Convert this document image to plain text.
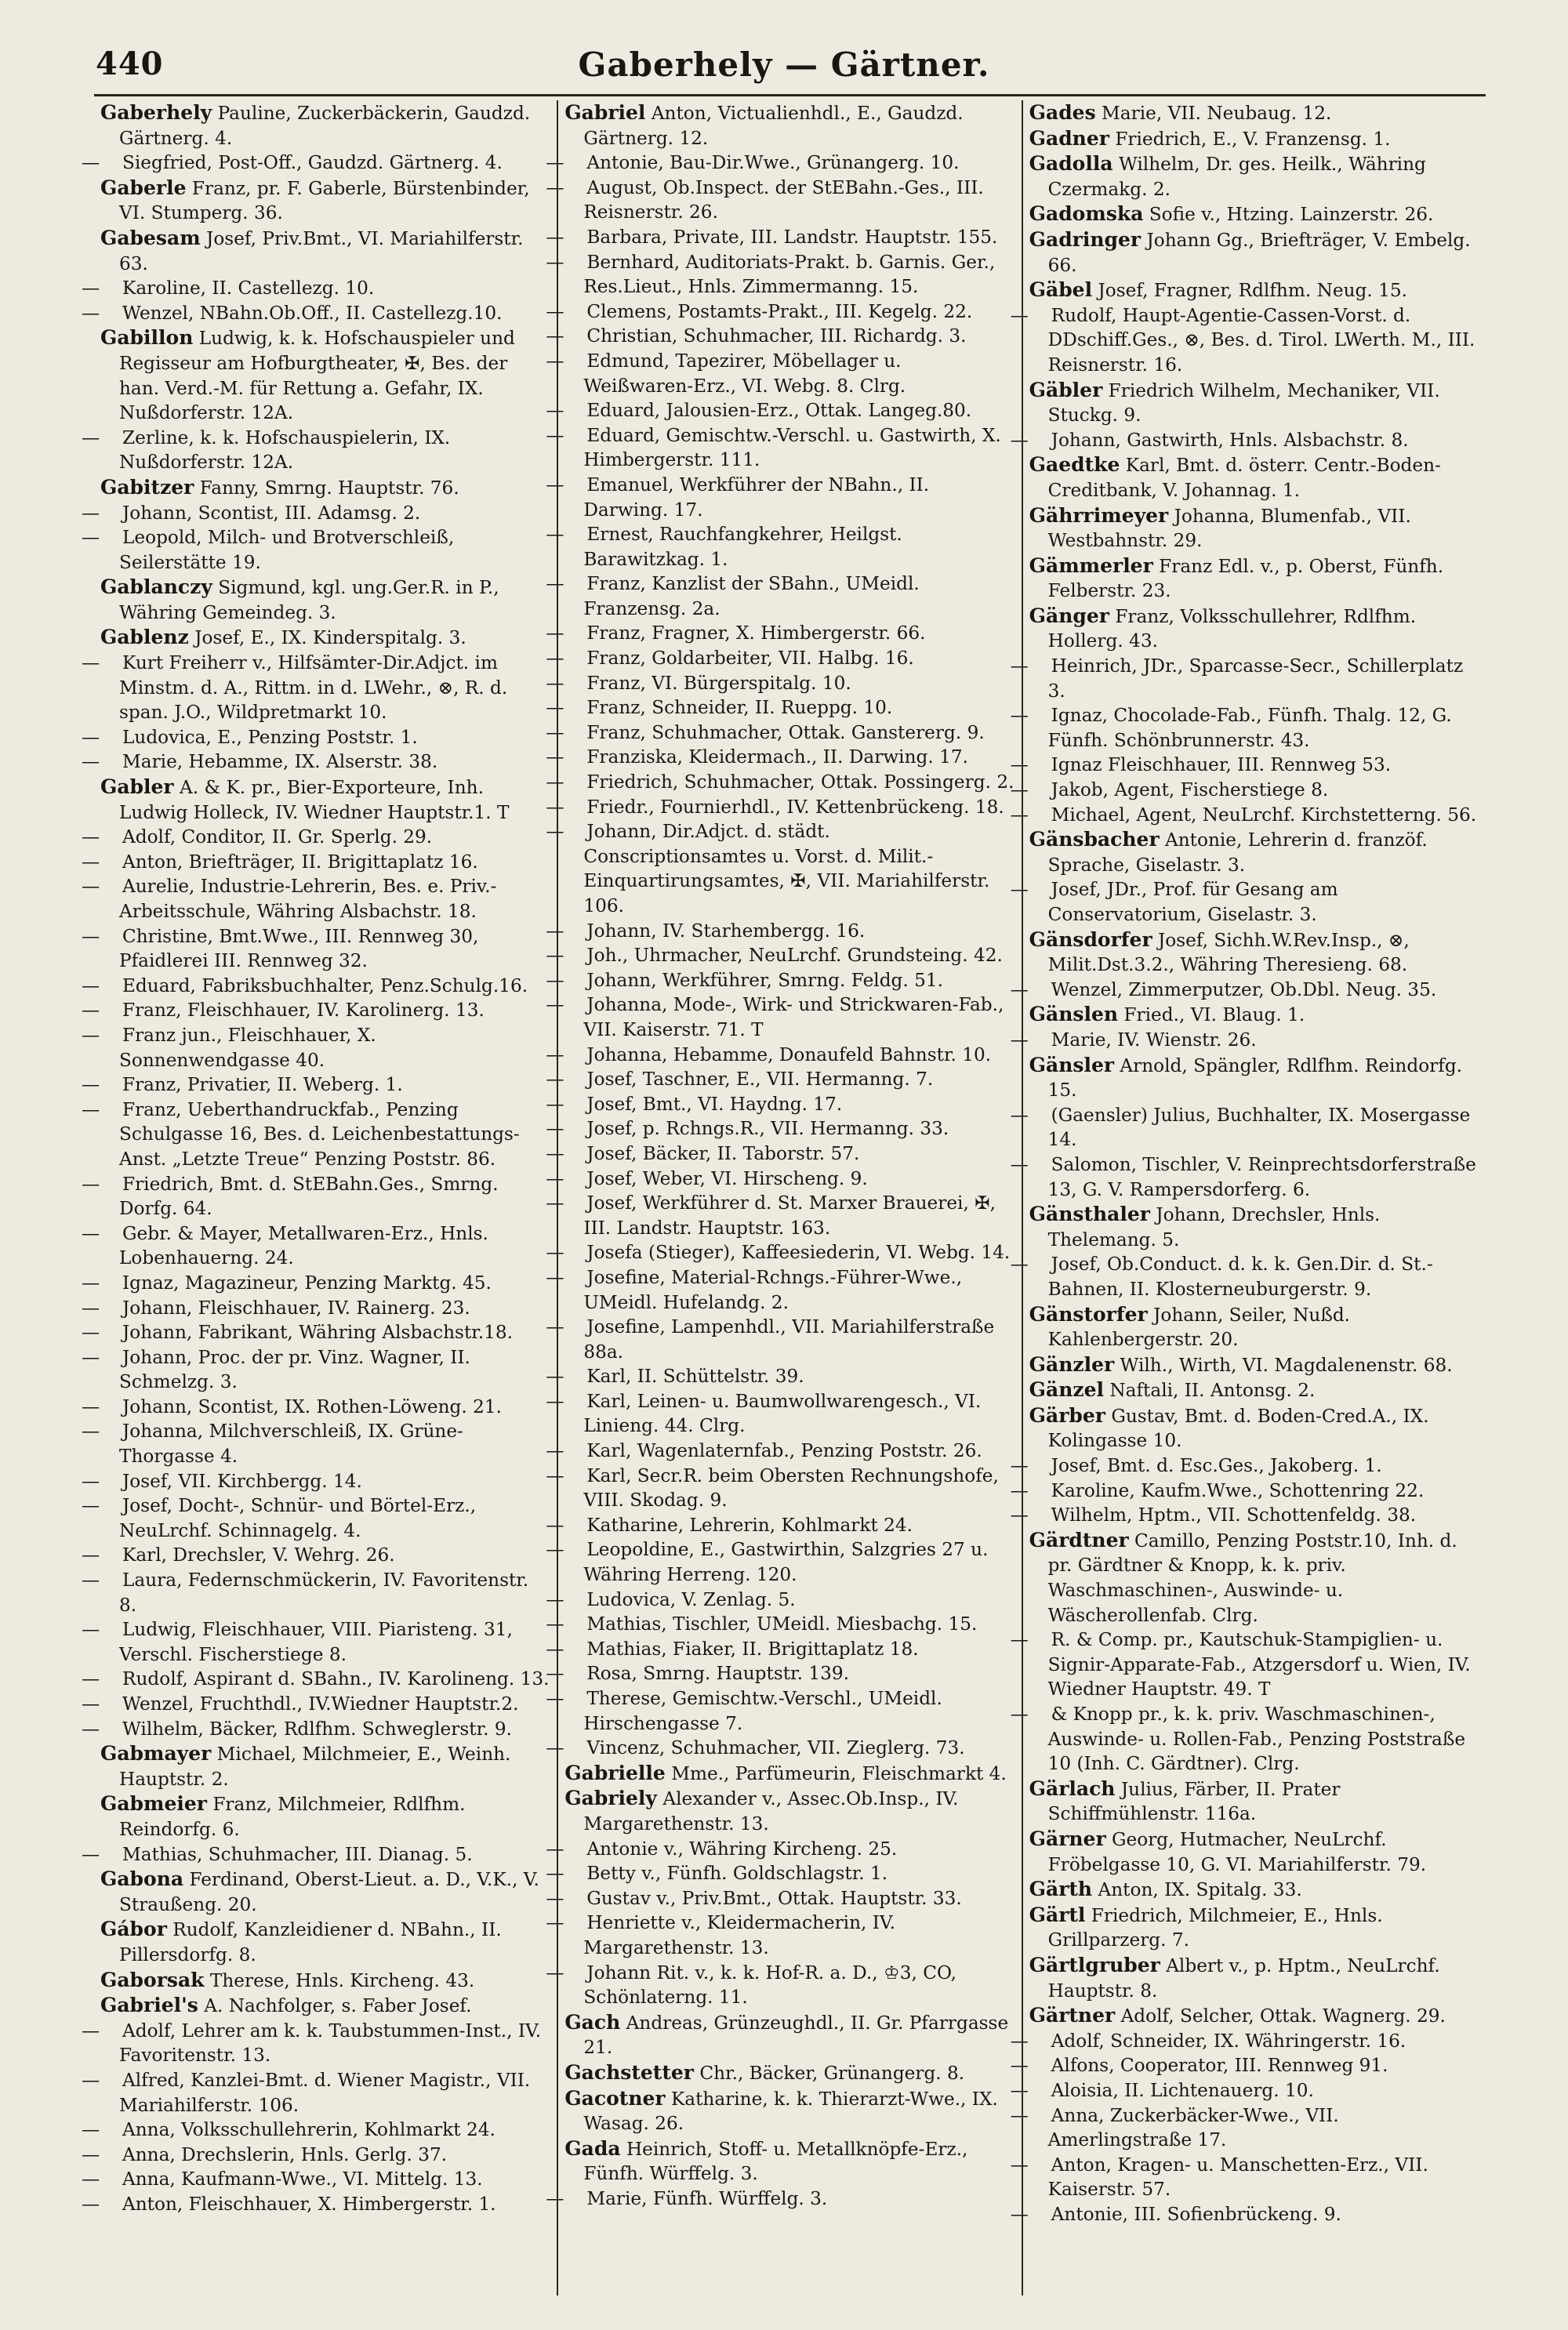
440	Gaberhely — Gärtner.

Gaberhely Pauline, Zuckerbäckerin, Gaudzd. Gärtnerg. 4.

— Siegfried, Post-Off., Gaudzd. Gärtnerg. 4.

Gaberle Franz, pr. F. Gaberle, Bürstenbinder, VI. Stumperg. 36.

Gabesam Josef, Priv.Bmt., VI. Mariahilferstr. 63.

— Karoline, II. Castellezg. 10.

— Wenzel, NBahn.Ob.Off., II. Castellezg.10.

Gabillon Ludwig, k. k. Hofschauspieler und Regisseur am Hofburgtheater, ✠, Bes. der han. Verd.-M. für Rettung a. Gefahr, IX. Nußdorferstr. 12A.

— Zerline, k. k. Hofschauspielerin, IX. Nußdorferstr. 12A.

Gabitzer Fanny, Smrng. Hauptstr. 76.

— Johann, Scontist, III. Adamsg. 2.

— Leopold, Milch- und Brotverschleiß, Seilerstätte 19.

Gablanczy Sigmund, kgl. ung.Ger.R. in P., Währing Gemeindeg. 3.

Gablenz Josef, E., IX. Kinderspitalg. 3.

— Kurt Freiherr v., Hilfsämter-Dir.Adjct. im Minstm. d. A., Rittm. in d. LWehr., ⊗, R. d. span. J.O., Wildpretmarkt 10.

— Ludovica, E., Penzing Poststr. 1.

— Marie, Hebamme, IX. Alserstr. 38.

Gabler A. & K. pr., Bier-Exporteure, Inh. Ludwig Holleck, IV. Wiedner Hauptstr.1. T

— Adolf, Conditor, II. Gr. Sperlg. 29.

— Anton, Briefträger, II. Brigittaplatz 16.

— Aurelie, Industrie-Lehrerin, Bes. e. Priv.-Arbeitsschule, Währing Alsbachstr. 18.

— Christine, Bmt.Wwe., III. Rennweg 30, Pfaidlerei III. Rennweg 32.

— Eduard, Fabriksbuchhalter, Penz.Schulg.16.

— Franz, Fleischhauer, IV. Karolinerg. 13.

— Franz jun., Fleischhauer, X. Sonnenwendgasse 40.

— Franz, Privatier, II. Weberg. 1.

— Franz, Ueberthandruckfab., Penzing Schulgasse 16, Bes. d. Leichenbestattungs-Anst. „Letzte Treue“ Penzing Poststr. 86.

— Friedrich, Bmt. d. StEBahn.Ges., Smrng. Dorfg. 64.

— Gebr. & Mayer, Metallwaren-Erz., Hnls. Lobenhauerng. 24.

— Ignaz, Magazineur, Penzing Marktg. 45.

— Johann, Fleischhauer, IV. Rainerg. 23.

— Johann, Fabrikant, Währing Alsbachstr.18.

— Johann, Proc. der pr. Vinz. Wagner, II. Schmelzg. 3.

— Johann, Scontist, IX. Rothen-Löweng. 21.

— Johanna, Milchverschleiß, IX. Grüne-Thorgasse 4.

— Josef, VII. Kirchbergg. 14.

— Josef, Docht-, Schnür- und Börtel-Erz., NeuLrchf. Schinnagelg. 4.

— Karl, Drechsler, V. Wehrg. 26.

— Laura, Federnschmückerin, IV. Favoritenstr. 8.

— Ludwig, Fleischhauer, VIII. Piaristeng. 31, Verschl. Fischerstiege 8.

— Rudolf, Aspirant d. SBahn., IV. Karolineng. 13.

— Wenzel, Fruchthdl., IV.Wiedner Hauptstr.2.

— Wilhelm, Bäcker, Rdlfhm. Schweglerstr. 9.

Gabmayer Michael, Milchmeier, E., Weinh. Hauptstr. 2.

Gabmeier Franz, Milchmeier, Rdlfhm. Reindorfg. 6.

— Mathias, Schuhmacher, III. Dianag. 5.

Gabona Ferdinand, Oberst-Lieut. a. D., V.K., V. Straußeng. 20.

Gábor Rudolf, Kanzleidiener d. NBahn., II. Pillersdorfg. 8.

Gaborsak Therese, Hnls. Kircheng. 43.

Gabriel's A. Nachfolger, s. Faber Josef.

— Adolf, Lehrer am k. k. Taubstummen-Inst., IV. Favoritenstr. 13.

— Alfred, Kanzlei-Bmt. d. Wiener Magistr., VII. Mariahilferstr. 106.

— Anna, Volksschullehrerin, Kohlmarkt 24.

— Anna, Drechslerin, Hnls. Gerlg. 37.

— Anna, Kaufmann-Wwe., VI. Mittelg. 13.

— Anton, Fleischhauer, X. Himbergerstr. 1.

Gabriel Anton, Victualienhdl., E., Gaudzd. Gärtnerg. 12.

— Antonie, Bau-Dir.Wwe., Grünangerg. 10.

— August, Ob.Inspect. der StEBahn.-Ges., III. Reisnerstr. 26.

— Barbara, Private, III. Landstr. Hauptstr. 155.

— Bernhard, Auditoriats-Prakt. b. Garnis. Ger., Res.Lieut., Hnls. Zimmermanng. 15.

— Clemens, Postamts-Prakt., III. Kegelg. 22.

— Christian, Schuhmacher, III. Richardg. 3.

— Edmund, Tapezirer, Möbellager u. Weißwaren-Erz., VI. Webg. 8. Clrg.

— Eduard, Jalousien-Erz., Ottak. Langeg.80.

— Eduard, Gemischtw.-Verschl. u. Gastwirth, X. Himbergerstr. 111.

— Emanuel, Werkführer der NBahn., II. Darwing. 17.

— Ernest, Rauchfangkehrer, Heilgst. Barawitzkag. 1.

— Franz, Kanzlist der SBahn., UMeidl. Franzensg. 2a.

— Franz, Fragner, X. Himbergerstr. 66.

— Franz, Goldarbeiter, VII. Halbg. 16.

— Franz, VI. Bürgerspitalg. 10.

— Franz, Schneider, II. Rueppg. 10.

— Franz, Schuhmacher, Ottak. Ganstererg. 9.

— Franziska, Kleidermach., II. Darwing. 17.

— Friedrich, Schuhmacher, Ottak. Possingerg. 2.

— Friedr., Fournierhdl., IV. Kettenbrückeng. 18.

— Johann, Dir.Adjct. d. städt. Conscriptionsamtes u. Vorst. d. Milit.-Einquartirungsamtes, ✠, VII. Mariahilferstr. 106.

— Johann, IV. Starhembergg. 16.

— Joh., Uhrmacher, NeuLrchf. Grundsteing. 42.

— Johann, Werkführer, Smrng. Feldg. 51.

— Johanna, Mode-, Wirk- und Strickwaren-Fab., VII. Kaiserstr. 71. T

— Johanna, Hebamme, Donaufeld Bahnstr. 10.

— Josef, Taschner, E., VII. Hermanng. 7.

— Josef, Bmt., VI. Haydng. 17.

— Josef, p. Rchngs.R., VII. Hermanng. 33.

— Josef, Bäcker, II. Taborstr. 57.

— Josef, Weber, VI. Hirscheng. 9.

— Josef, Werkführer d. St. Marxer Brauerei, ✠, III. Landstr. Hauptstr. 163.

— Josefa (Stieger), Kaffeesiederin, VI. Webg. 14.

— Josefine, Material-Rchngs.-Führer-Wwe., UMeidl. Hufelandg. 2.

— Josefine, Lampenhdl., VII. Mariahilferstraße 88a.

— Karl, II. Schüttelstr. 39.

— Karl, Leinen- u. Baumwollwarengesch., VI. Linieng. 44. Clrg.

— Karl, Wagenlaternfab., Penzing Poststr. 26.

— Karl, Secr.R. beim Obersten Rechnungshofe, VIII. Skodag. 9.

— Katharine, Lehrerin, Kohlmarkt 24.

— Leopoldine, E., Gastwirthin, Salzgries 27 u. Währing Herreng. 120.

— Ludovica, V. Zenlag. 5.

— Mathias, Tischler, UMeidl. Miesbachg. 15.

— Mathias, Fiaker, II. Brigittaplatz 18.

— Rosa, Smrng. Hauptstr. 139.

— Therese, Gemischtw.-Verschl., UMeidl. Hirschengasse 7.

— Vincenz, Schuhmacher, VII. Zieglerg. 73.

Gabrielle Mme., Parfümeurin, Fleischmarkt 4.

Gabriely Alexander v., Assec.Ob.Insp., IV. Margarethenstr. 13.

— Antonie v., Währing Kircheng. 25.

— Betty v., Fünfh. Goldschlagstr. 1.

— Gustav v., Priv.Bmt., Ottak. Hauptstr. 33.

— Henriette v., Kleidermacherin, IV. Margarethenstr. 13.

— Johann Rit. v., k. k. Hof-R. a. D., ♔3, CO, Schönlaterng. 11.

Gach Andreas, Grünzeughdl., II. Gr. Pfarrgasse 21.

Gachstetter Chr., Bäcker, Grünangerg. 8.

Gacotner Katharine, k. k. Thierarzt-Wwe., IX. Wasag. 26.

Gada Heinrich, Stoff- u. Metallknöpfe-Erz., Fünfh. Würffelg. 3.

— Marie, Fünfh. Würffelg. 3.

Gades Marie, VII. Neubaug. 12.

Gadner Friedrich, E., V. Franzensg. 1.

Gadolla Wilhelm, Dr. ges. Heilk., Währing Czermakg. 2.

Gadomska Sofie v., Htzing. Lainzerstr. 26.

Gadringer Johann Gg., Briefträger, V. Embelg. 66.

Gäbel Josef, Fragner, Rdlfhm. Neug. 15.

— Rudolf, Haupt-Agentie-Cassen-Vorst. d. DDschiff.Ges., ⊗, Bes. d. Tirol. LWerth. M., III. Reisnerstr. 16.

Gäbler Friedrich Wilhelm, Mechaniker, VII. Stuckg. 9.

— Johann, Gastwirth, Hnls. Alsbachstr. 8.

Gaedtke Karl, Bmt. d. österr. Centr.-Boden-Creditbank, V. Johannag. 1.

Gährrimeyer Johanna, Blumenfab., VII. Westbahnstr. 29.

Gämmerler Franz Edl. v., p. Oberst, Fünfh. Felberstr. 23.

Gänger Franz, Volksschullehrer, Rdlfhm. Hollerg. 43.

— Heinrich, JDr., Sparcasse-Secr., Schillerplatz 3.

— Ignaz, Chocolade-Fab., Fünfh. Thalg. 12, G. Fünfh. Schönbrunnerstr. 43.

— Ignaz Fleischhauer, III. Rennweg 53.

— Jakob, Agent, Fischerstiege 8.

— Michael, Agent, NeuLrchf. Kirchstetterng. 56.

Gänsbacher Antonie, Lehrerin d. franzöf. Sprache, Giselastr. 3.

— Josef, JDr., Prof. für Gesang am Conservatorium, Giselastr. 3.

Gänsdorfer Josef, Sichh.W.Rev.Insp., ⊗, Milit.Dst.3.2., Währing Theresieng. 68.

— Wenzel, Zimmerputzer, Ob.Dbl. Neug. 35.

Gänslen Fried., VI. Blaug. 1.

— Marie, IV. Wienstr. 26.

Gänsler Arnold, Spängler, Rdlfhm. Reindorfg. 15.

— (Gaensler) Julius, Buchhalter, IX. Mosergasse 14.

— Salomon, Tischler, V. Reinprechtsdorferstraße 13, G. V. Rampersdorferg. 6.

Gänsthaler Johann, Drechsler, Hnls. Thelemang. 5.

— Josef, Ob.Conduct. d. k. k. Gen.Dir. d. St.-Bahnen, II. Klosterneuburgerstr. 9.

Gänstorfer Johann, Seiler, Nußd. Kahlenbergerstr. 20.

Gänzler Wilh., Wirth, VI. Magdalenenstr. 68.

Gänzel Naftali, II. Antonsg. 2.

Gärber Gustav, Bmt. d. Boden-Cred.A., IX. Kolingasse 10.

— Josef, Bmt. d. Esc.Ges., Jakoberg. 1.

— Karoline, Kaufm.Wwe., Schottenring 22.

— Wilhelm, Hptm., VII. Schottenfeldg. 38.

Gärdtner Camillo, Penzing Poststr.10, Inh. d. pr. Gärdtner & Knopp, k. k. priv. Waschmaschinen-, Auswinde- u. Wäscherollenfab. Clrg.

— R. & Comp. pr., Kautschuk-Stampiglien- u. Signir-Apparate-Fab., Atzgersdorf u. Wien, IV. Wiedner Hauptstr. 49. T

— & Knopp pr., k. k. priv. Waschmaschinen-, Auswinde- u. Rollen-Fab., Penzing Poststraße 10 (Inh. C. Gärdtner). Clrg.

Gärlach Julius, Färber, II. Prater Schiffmühlenstr. 116a.

Gärner Georg, Hutmacher, NeuLrchf. Fröbelgasse 10, G. VI. Mariahilferstr. 79.

Gärth Anton, IX. Spitalg. 33.

Gärtl Friedrich, Milchmeier, E., Hnls. Grillparzerg. 7.

Gärtlgruber Albert v., p. Hptm., NeuLrchf. Hauptstr. 8.

Gärtner Adolf, Selcher, Ottak. Wagnerg. 29.

— Adolf, Schneider, IX. Währingerstr. 16.

— Alfons, Cooperator, III. Rennweg 91.

— Aloisia, II. Lichtenauerg. 10.

— Anna, Zuckerbäcker-Wwe., VII. Amerlingstraße 17.

— Anton, Kragen- u. Manschetten-Erz., VII. Kaiserstr. 57.

— Antonie, III. Sofienbrückeng. 9.
